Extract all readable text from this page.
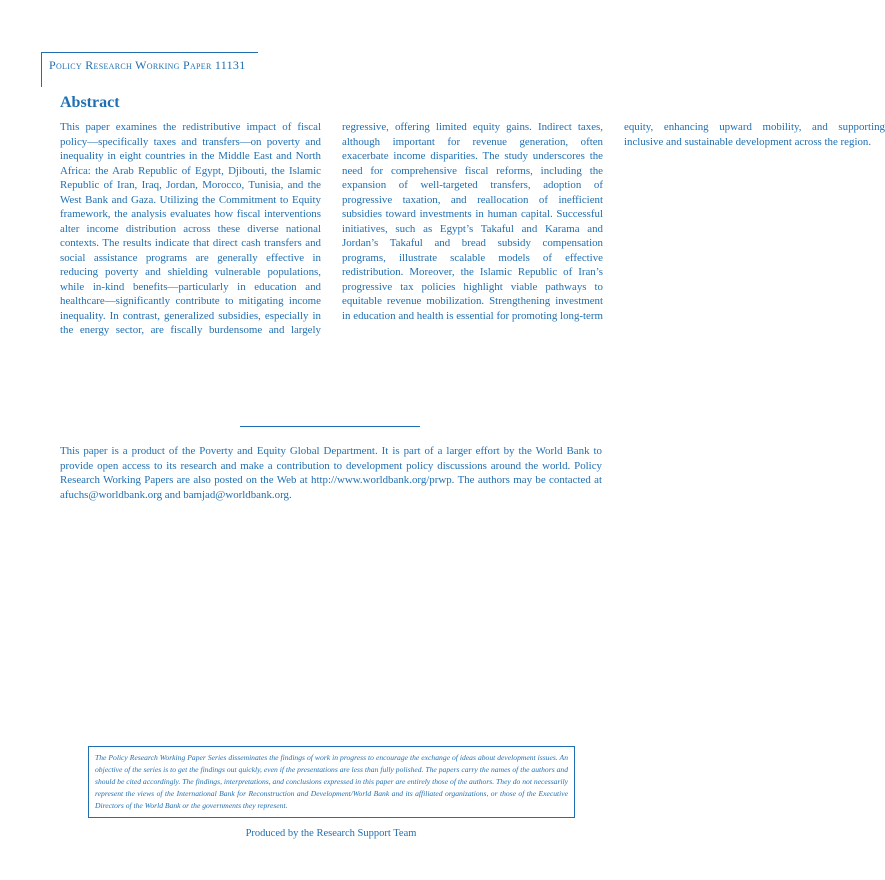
Policy Research Working Paper 11131
Abstract

This paper examines the redistributive impact of fiscal policy—specifically taxes and transfers—on poverty and inequality in eight countries in the Middle East and North Africa: the Arab Republic of Egypt, Djibouti, the Islamic Republic of Iran, Iraq, Jordan, Morocco, Tunisia, and the West Bank and Gaza. Utilizing the Commitment to Equity framework, the analysis evaluates how fiscal interventions alter income distribution across these diverse national contexts. The results indicate that direct cash transfers and social assistance programs are generally effective in reducing poverty and shielding vulnerable populations, while in-kind benefits—particularly in education and healthcare—significantly contribute to mitigating income inequality. In contrast, generalized subsidies, especially in the energy sector, are fiscally burdensome and largely regressive, offering limited equity gains. Indirect taxes, although important for revenue generation, often exacerbate income disparities. The study underscores the need for comprehensive fiscal reforms, including the expansion of well-targeted transfers, adoption of progressive taxation, and reallocation of inefficient subsidies toward investments in human capital. Successful initiatives, such as Egypt’s Takaful and Karama and Jordan’s Takaful and bread subsidy compensation programs, illustrate scalable models of effective redistribution. Moreover, the Islamic Republic of Iran’s progressive tax policies highlight viable pathways to equitable revenue mobilization. Strengthening investment in education and health is essential for promoting long-term equity, enhancing upward mobility, and supporting inclusive and sustainable development across the region.

This paper is a product of the Poverty and Equity Global Department. It is part of a larger effort by the World Bank to provide open access to its research and make a contribution to development policy discussions around the world. Policy Research Working Papers are also posted on the Web at http://www.worldbank.org/prwp. The authors may be contacted at afuchs@worldbank.org and bamjad@worldbank.org.

The Policy Research Working Paper Series disseminates the findings of work in progress to encourage the exchange of ideas about development issues. An objective of the series is to get the findings out quickly, even if the presentations are less than fully polished. The papers carry the names of the authors and should be cited accordingly. The findings, interpretations, and conclusions expressed in this paper are entirely those of the authors. They do not necessarily represent the views of the International Bank for Reconstruction and Development/World Bank and its affiliated organizations, or those of the Executive Directors of the World Bank or the governments they represent.

Produced by the Research Support Team
